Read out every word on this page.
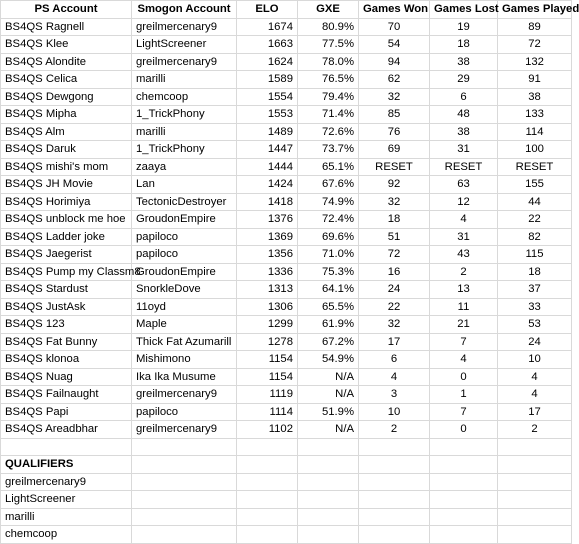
PS Account	Smogon Account	ELO	GXE	Games Won	Games Lost	Games Played
BS4QS Ragnell	greilmercenary9	1674	80.9%	70	19	89
BS4QS Klee	LightScreener	1663	77.5%	54	18	72
BS4QS Alondite	greilmercenary9	1624	78.0%	94	38	132
BS4QS Celica	marilli	1589	76.5%	62	29	91
BS4QS Dewgong	chemcoop	1554	79.4%	32	6	38
BS4QS Mipha	1_TrickPhony	1553	71.4%	85	48	133
BS4QS Alm	marilli	1489	72.6%	76	38	114
BS4QS Daruk	1_TrickPhony	1447	73.7%	69	31	100
BS4QS mishi's mom	zaaya	1444	65.1%	RESET	RESET	RESET
BS4QS JH Movie	Lan	1424	67.6%	92	63	155
BS4QS Horimiya	TectonicDestroyer	1418	74.9%	32	12	44
BS4QS unblock me hoe	GroudonEmpire	1376	72.4%	18	4	22
BS4QS Ladder joke	papiloco	1369	69.6%	51	31	82
BS4QS Jaegerist	papiloco	1356	71.0%	72	43	115
BS4QS Pump my Classm8	GroudonEmpire	1336	75.3%	16	2	18
BS4QS Stardust	SnorkleDove	1313	64.1%	24	13	37
BS4QS JustAsk	11oyd	1306	65.5%	22	11	33
BS4QS 123	Maple	1299	61.9%	32	21	53
BS4QS Fat Bunny	Thick Fat Azumarill	1278	67.2%	17	7	24
BS4QS klonoa	Mishimono	1154	54.9%	6	4	10
BS4QS Nuag	Ika Ika Musume	1154	N/A	4	0	4
BS4QS Failnaught	greilmercenary9	1119	N/A	3	1	4
BS4QS Papi	papiloco	1114	51.9%	10	7	17
BS4QS Areadbhar	greilmercenary9	1102	N/A	2	0	2

QUALIFIERS						
greilmercenary9						
LightScreener						
marilli						
chemcoop						
